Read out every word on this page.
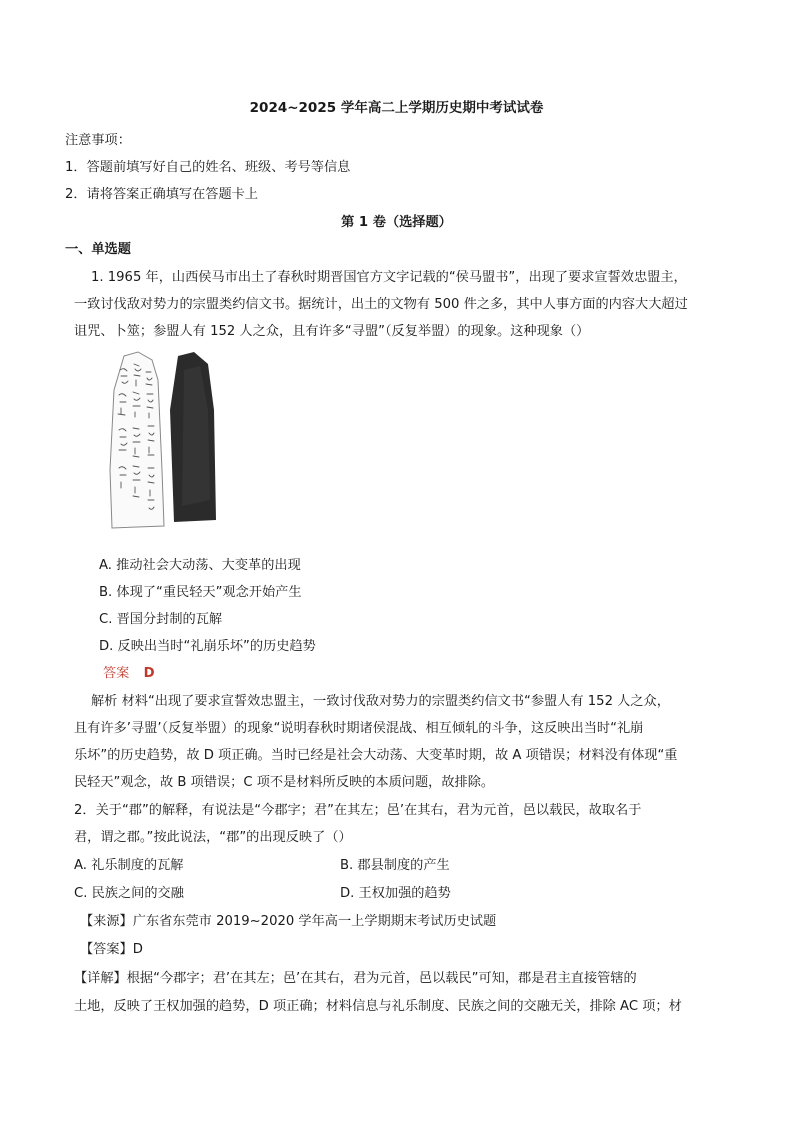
2024~2025 学年高二上学期历史期中考试试卷
注意事项：
1．答题前填写好自己的姓名、班级、考号等信息
2．请将答案正确填写在答题卡上
第 1 卷（选择题）
一、单选题
1. 1965 年，山西侯马市出土了春秋时期晋国官方文字记载的“侯马盟书”，出现了要求宣誓效忠盟主，
一致讨伐敌对势力的宗盟类约信文书。据统计，出土的文物有 500 件之多，其中人事方面的内容大大超过
诅咒、卜筮；参盟人有 152 人之众，且有许多“寻盟”（反复举盟）的现象。这种现象（）
A. 推动社会大动荡、大变革的出现
B. 体现了“重民轻天”观念开始产生
C. 晋国分封制的瓦解
D. 反映出当时“礼崩乐坏”的历史趋势
答案 D
解析 材料“出现了要求宣誓效忠盟主，一致讨伐敌对势力的宗盟类约信文书“参盟人有 152 人之众，
且有许多’寻盟’（反复举盟）的现象“说明春秋时期诸侯混战、相互倾轧的斗争，这反映出当时“礼崩
乐坏”的历史趋势，故 D 项正确。当时已经是社会大动荡、大变革时期，故 A 项错误；材料没有体现“重
民轻天”观念，故 B 项错误；C 项不是材料所反映的本质问题，故排除。
2．关于“郡”的解释，有说法是“今郡字；君”在其左；邑’在其右，君为元首，邑以载民，故取名于
君，谓之郡。”按此说法，“郡”的出现反映了（）
A. 礼乐制度的瓦解	B. 郡县制度的产生
C. 民族之间的交融	D. 王权加强的趋势
【来源】广东省东莞市 2019~2020 学年高一上学期期末考试历史试题
【答案】D
【详解】根据“今郡字；君’在其左；邑’在其右，君为元首，邑以载民”可知，郡是君主直接管辖的
土地，反映了王权加强的趋势，D 项正确；材料信息与礼乐制度、民族之间的交融无关，排除 AC 项；材
